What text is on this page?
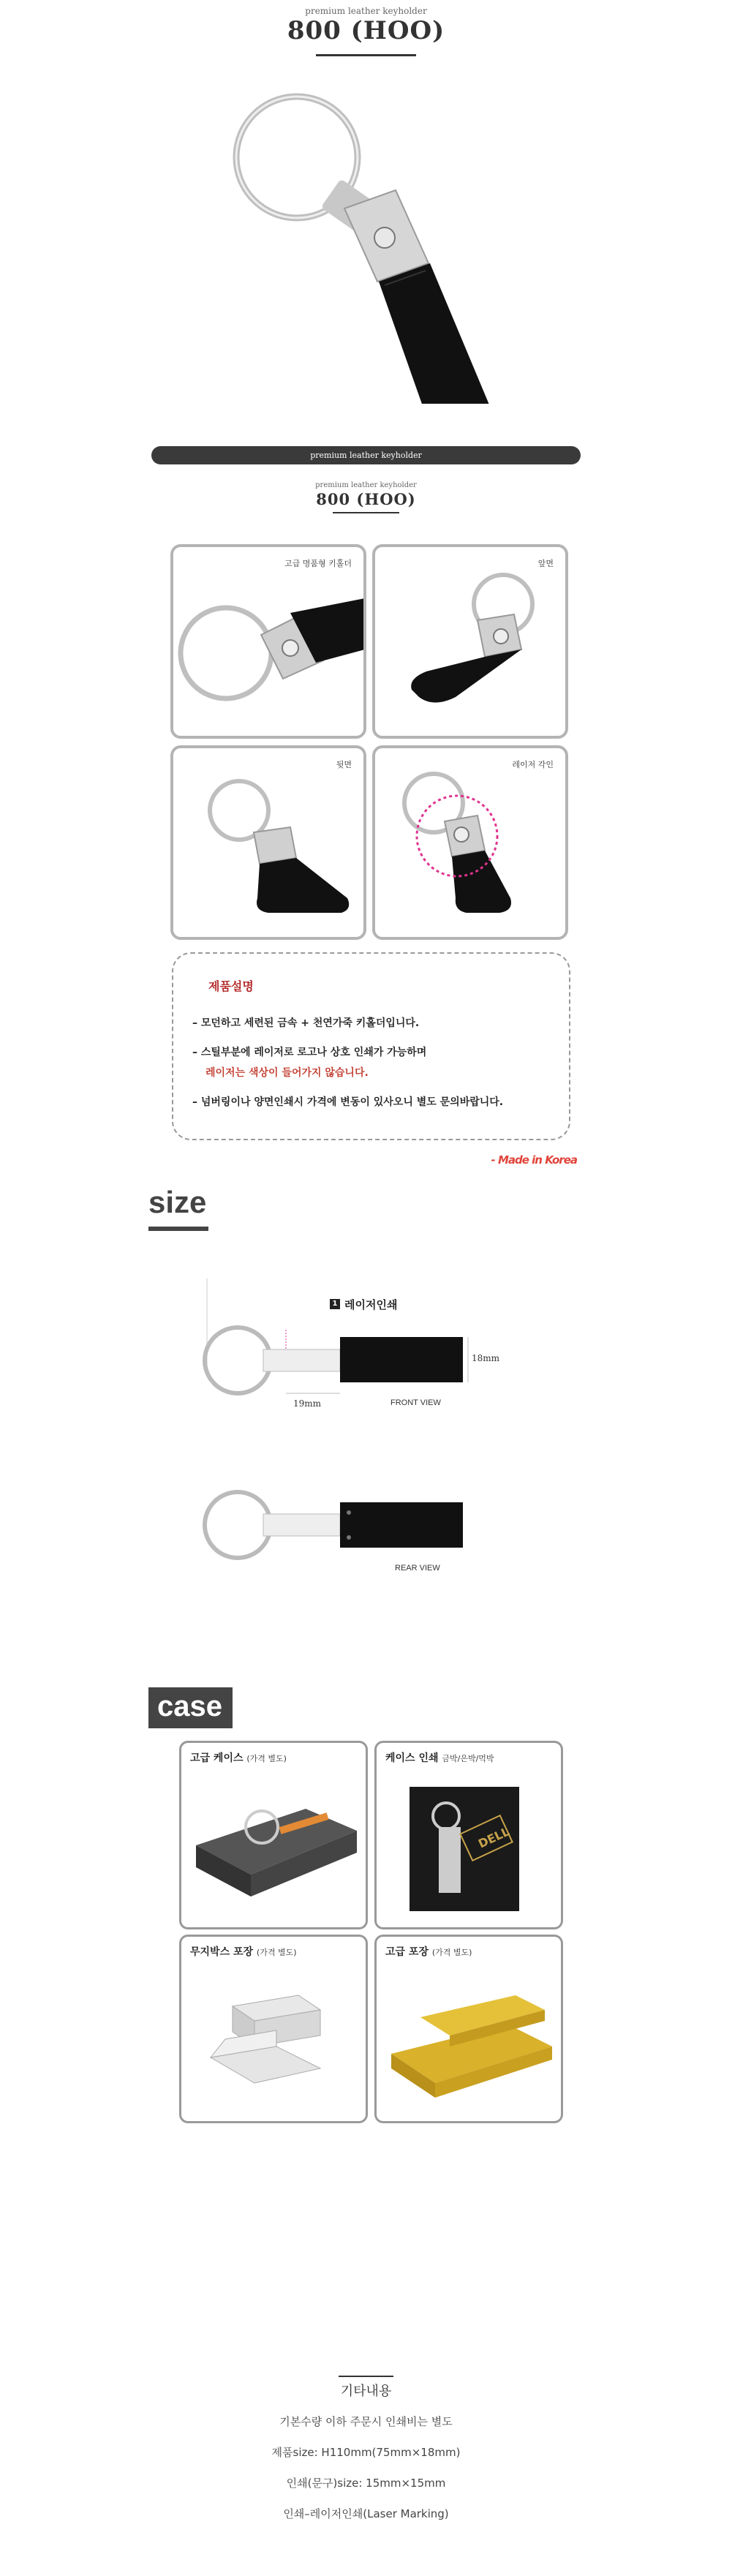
premium leather keyholder
800 (HOO)
premium leather keyholder
premium leather keyholder
800 (HOO)
고급 명품형 키홀더	앞면
뒷면	레이저 각인
제품설명
– 모던하고 세련된 금속 + 천연가죽 키홀더입니다.
– 스틸부분에 레이저로 로고나 상호 인쇄가 가능하며
레이저는 색상이 들어가지 않습니다.
– 넘버링이나 양면인쇄시 가격에 변동이 있사오니 별도 문의바랍니다.
- Made in Korea
size
1 레이저인쇄
18mm
19mm	FRONT VIEW
REAR VIEW
case
고급 케이스 (가격 별도)	케이스 인쇄 금박/은박/먹박
DELL
무지박스 포장 (가격 별도)	고급 포장 (가격 별도)
기타내용
기본수량 이하 주문시 인쇄비는 별도
제품size: H110mm(75mm×18mm)
인쇄(문구)size: 15mm×15mm
인쇄–레이저인쇄(Laser Marking)
